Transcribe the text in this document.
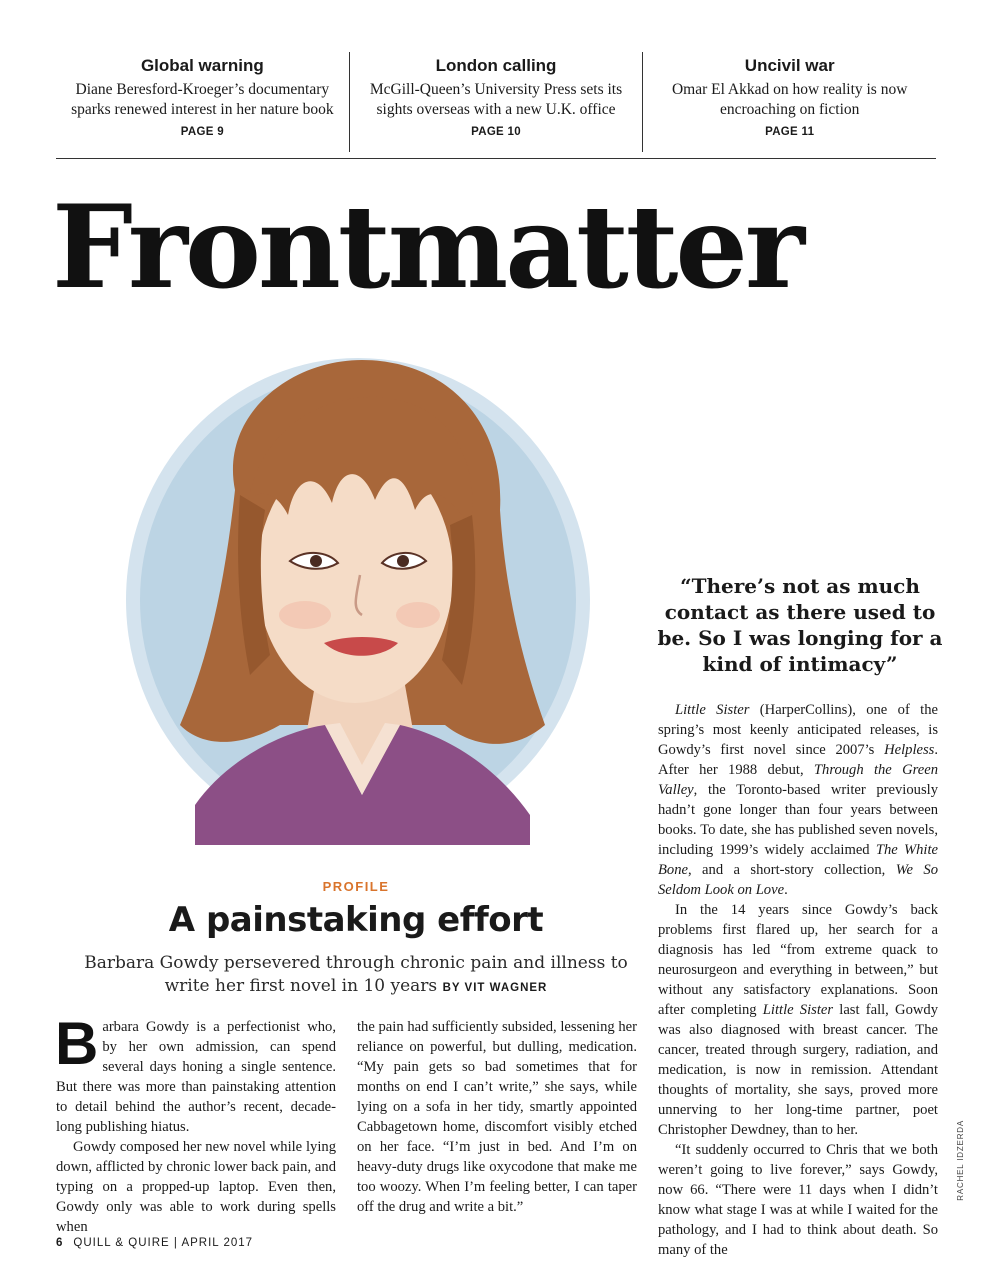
Global warning
Diane Beresford-Kroeger’s documentary sparks renewed interest in her nature book
PAGE 9
London calling
McGill-Queen’s University Press sets its sights overseas with a new U.K. office
PAGE 10
Uncivil war
Omar El Akkad on how reality is now encroaching on fiction
PAGE 11
Frontmatter
“There’s not as much contact as there used to be. So I was longing for a kind of intimacy”
PROFILE
A painstaking effort
Barbara Gowdy persevered through chronic pain and illness to write her first novel in 10 years BY VIT WAGNER

Barbara Gowdy is a perfectionist who, by her own admission, can spend several days honing a single sentence. But there was more than painstaking attention to detail behind the author’s recent, decade-long publishing hiatus.

Gowdy composed her new novel while lying down, afflicted by chronic lower back pain, and typing on a propped-up laptop. Even then, Gowdy only was able to work during spells when

the pain had sufficiently subsided, lessening her reliance on powerful, but dulling, medication. “My pain gets so bad sometimes that for months on end I can’t write,” she says, while lying on a sofa in her tidy, smartly appointed Cabbagetown home, discomfort visibly etched on her face. “I’m just in bed. And I’m on heavy-duty drugs like oxycodone that make me too woozy. When I’m feeling better, I can taper off the drug and write a bit.”

Little Sister (HarperCollins), one of the spring’s most keenly anticipated releases, is Gowdy’s first novel since 2007’s Helpless. After her 1988 debut, Through the Green Valley, the Toronto-based writer previously hadn’t gone longer than four years between books. To date, she has published seven novels, including 1999’s widely acclaimed The White Bone, and a short-story collection, We So Seldom Look on Love.

In the 14 years since Gowdy’s back problems first flared up, her search for a diagnosis has led “from extreme quack to neurosurgeon and everything in between,” but without any satisfactory explanations. Soon after completing Little Sister last fall, Gowdy was also diagnosed with breast cancer. The cancer, treated through surgery, radiation, and medication, is now in remission. Attendant thoughts of mortality, she says, proved more unnerving to her long-time partner, poet Christopher Dewdney, than to her.

“It suddenly occurred to Chris that we both weren’t going to live forever,” says Gowdy, now 66. “There were 11 days when I didn’t know what stage I was at while I waited for the pathology, and I had to think about death. So many of the

6 QUILL & QUIRE | APRIL 2017
RACHEL IDZERDA
